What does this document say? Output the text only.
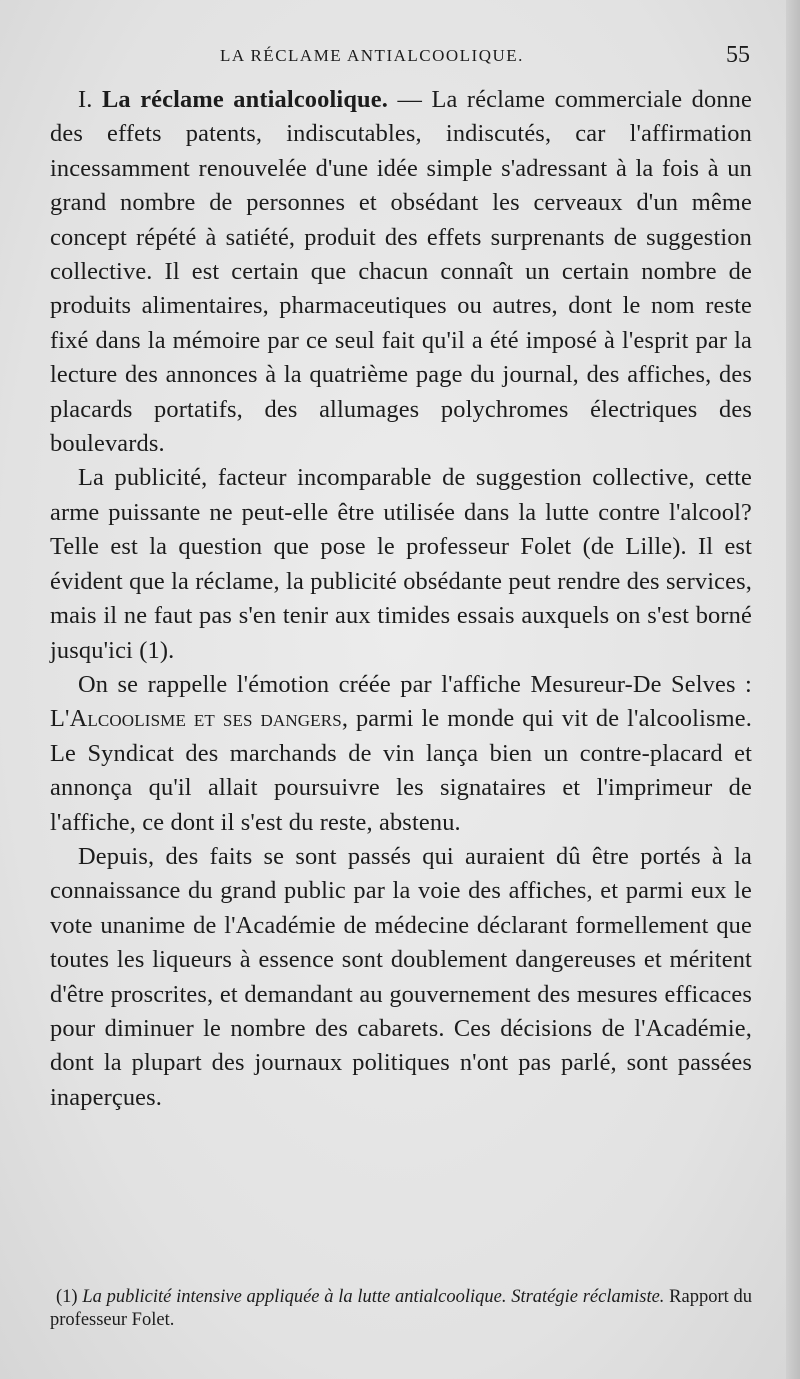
LA RÉCLAME ANTIALCOOLIQUE.	55

I. La réclame antialcoolique. — La réclame commerciale donne des effets patents, indiscutables, indiscutés, car l'affirmation incessamment renouvelée d'une idée simple s'adressant à la fois à un grand nombre de personnes et obsédant les cerveaux d'un même concept répété à satiété, produit des effets surprenants de suggestion collective. Il est certain que chacun connaît un certain nombre de produits alimentaires, pharmaceutiques ou autres, dont le nom reste fixé dans la mémoire par ce seul fait qu'il a été imposé à l'esprit par la lecture des annonces à la quatrième page du journal, des affiches, des placards portatifs, des allumages polychromes électriques des boulevards.

La publicité, facteur incomparable de suggestion collective, cette arme puissante ne peut-elle être utilisée dans la lutte contre l'alcool? Telle est la question que pose le professeur Folet (de Lille). Il est évident que la réclame, la publicité obsédante peut rendre des services, mais il ne faut pas s'en tenir aux timides essais auxquels on s'est borné jusqu'ici (1).

On se rappelle l'émotion créée par l'affiche Mesureur-De Selves : L'Alcoolisme et ses dangers, parmi le monde qui vit de l'alcoolisme. Le Syndicat des marchands de vin lança bien un contre-placard et annonça qu'il allait poursuivre les signataires et l'imprimeur de l'affiche, ce dont il s'est du reste, abstenu.

Depuis, des faits se sont passés qui auraient dû être portés à la connaissance du grand public par la voie des affiches, et parmi eux le vote unanime de l'Académie de médecine déclarant formellement que toutes les liqueurs à essence sont doublement dangereuses et méritent d'être proscrites, et demandant au gouvernement des mesures efficaces pour diminuer le nombre des cabarets. Ces décisions de l'Académie, dont la plupart des journaux politiques n'ont pas parlé, sont passées inaperçues.

(1) La publicité intensive appliquée à la lutte antialcoolique. Stratégie réclamiste. Rapport du professeur Folet.
